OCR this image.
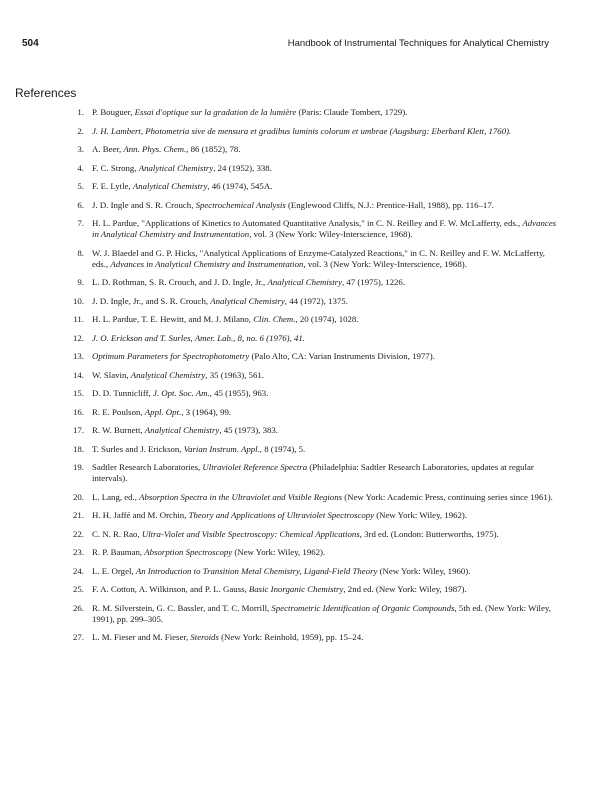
504	Handbook of Instrumental Techniques for Analytical Chemistry
References
1. P. Bouguer, Essai d'optique sur la gradation de la lumière (Paris: Claude Tombert, 1729).
2. J. H. Lambert, Photometria sive de mensura et gradibus luminis colorum et umbrae (Augsburg: Eberhard Klett, 1760).
3. A. Beer, Ann. Phys. Chem., 86 (1852), 78.
4. F. C. Strong, Analytical Chemistry, 24 (1952), 338.
5. F. E. Lytle, Analytical Chemistry, 46 (1974), 545A.
6. J. D. Ingle and S. R. Crouch, Spectrochemical Analysis (Englewood Cliffs, N.J.: Prentice-Hall, 1988), pp. 116–17.
7. H. L. Pardue, "Applications of Kinetics to Automated Quantitative Analysis," in C. N. Reilley and F. W. McLafferty, eds., Advances in Analytical Chemistry and Instrumentation, vol. 3 (New York: Wiley-Interscience, 1968).
8. W. J. Blaedel and G. P. Hicks, "Analytical Applications of Enzyme-Catalyzed Reactions," in C. N. Reilley and F. W. McLafferty, eds., Advances in Analytical Chemistry and Instrumentation, vol. 3 (New York: Wiley-Interscience, 1968).
9. L. D. Rothman, S. R. Crouch, and J. D. Ingle, Jr., Analytical Chemistry, 47 (1975), 1226.
10. J. D. Ingle, Jr., and S. R. Crouch, Analytical Chemistry, 44 (1972), 1375.
11. H. L. Pardue, T. E. Hewitt, and M. J. Milano, Clin. Chem., 20 (1974), 1028.
12. J. O. Erickson and T. Surles, Amer. Lab., 8, no. 6 (1976), 41.
13. Optimum Parameters for Spectrophotometry (Palo Alto, CA: Varian Instruments Division, 1977).
14. W. Slavin, Analytical Chemistry, 35 (1963), 561.
15. D. D. Tunnicliff, J. Opt. Soc. Am., 45 (1955), 963.
16. R. E. Poulson, Appl. Opt., 3 (1964), 99.
17. R. W. Burnett, Analytical Chemistry, 45 (1973), 383.
18. T. Surles and J. Erickson, Varian Instrum. Appl., 8 (1974), 5.
19. Sadtler Research Laboratories, Ultraviolet Reference Spectra (Philadelphia: Sadtler Research Laboratories, updates at regular intervals).
20. L. Lang, ed., Absorption Spectra in the Ultraviolet and Visible Regions (New York: Academic Press, continuing series since 1961).
21. H. H. Jaffé and M. Orchin, Theory and Applications of Ultraviolet Spectroscopy (New York: Wiley, 1962).
22. C. N. R. Rao, Ultra-Violet and Visible Spectroscopy: Chemical Applications, 3rd ed. (London: Butterworths, 1975).
23. R. P. Bauman, Absorption Spectroscopy (New York: Wiley, 1962).
24. L. E. Orgel, An Introduction to Transition Metal Chemistry, Ligand-Field Theory (New York: Wiley, 1960).
25. F. A. Cotton, A. Wilkinson, and P. L. Gauss, Basic Inorganic Chemistry, 2nd ed. (New York: Wiley, 1987).
26. R. M. Silverstein, G. C. Bassler, and T. C. Morrill, Spectrometric Identification of Organic Compounds, 5th ed. (New York: Wiley, 1991), pp. 299–305.
27. L. M. Fieser and M. Fieser, Steroids (New York: Reinhold, 1959), pp. 15–24.
